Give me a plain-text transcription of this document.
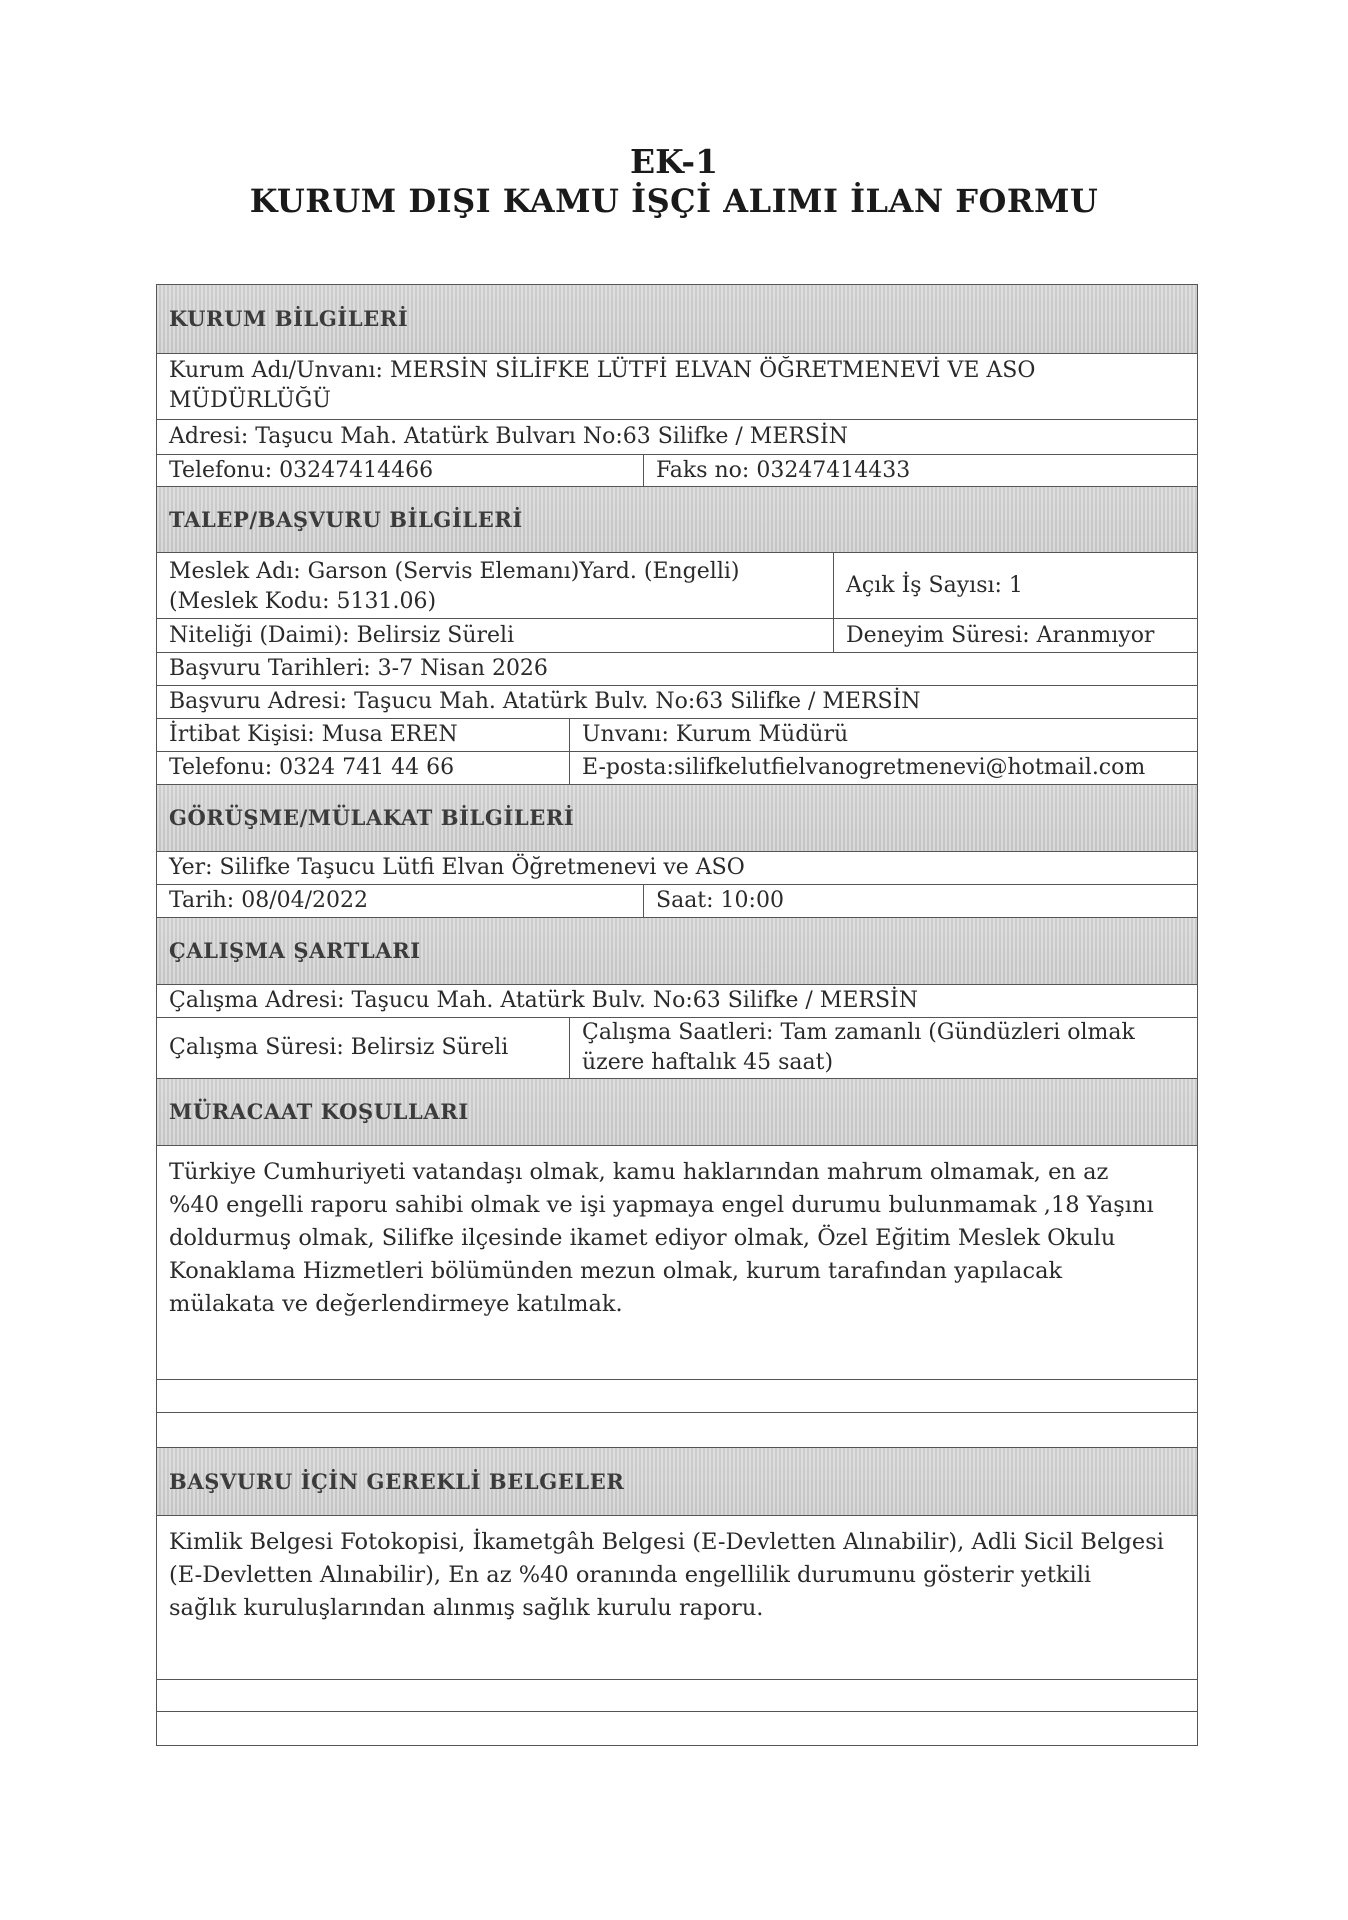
EK-1
KURUM DIŞI KAMU İŞÇİ ALIMI İLAN FORMU
KURUM BİLGİLERİ
Kurum Adı/Unvanı: MERSİN SİLİFKE LÜTFİ ELVAN ÖĞRETMENEVİ VE ASO
MÜDÜRLÜĞÜ
Adresi: Taşucu Mah. Atatürk Bulvarı No:63 Silifke / MERSİN
Telefonu: 03247414466	Faks no: 03247414433
TALEP/BAŞVURU BİLGİLERİ
Meslek Adı: Garson (Servis Elemanı)Yard. (Engelli)
(Meslek Kodu: 5131.06)
Açık İş Sayısı: 1
Niteliği (Daimi): Belirsiz Süreli	Deneyim Süresi: Aranmıyor
Başvuru Tarihleri: 3-7 Nisan 2026
Başvuru Adresi: Taşucu Mah. Atatürk Bulv. No:63 Silifke / MERSİN
İrtibat Kişisi: Musa EREN	Unvanı: Kurum Müdürü
Telefonu: 0324 741 44 66	E-posta:silifkelutfielvanogretmenevi@hotmail.com
GÖRÜŞME/MÜLAKAT BİLGİLERİ
Yer: Silifke Taşucu Lütfi Elvan Öğretmenevi ve ASO
Tarih: 08/04/2022	Saat: 10:00
ÇALIŞMA ŞARTLARI
Çalışma Adresi: Taşucu Mah. Atatürk Bulv. No:63 Silifke / MERSİN
Çalışma Süresi: Belirsiz Süreli
Çalışma Saatleri: Tam zamanlı (Gündüzleri olmak
üzere haftalık 45 saat)
MÜRACAAT KOŞULLARI
Türkiye Cumhuriyeti vatandaşı olmak, kamu haklarından mahrum olmamak, en az
%40 engelli raporu sahibi olmak ve işi yapmaya engel durumu bulunmamak ,18 Yaşını
doldurmuş olmak, Silifke ilçesinde ikamet ediyor olmak, Özel Eğitim Meslek Okulu
Konaklama Hizmetleri bölümünden mezun olmak, kurum tarafından yapılacak
mülakata ve değerlendirmeye katılmak.
BAŞVURU İÇİN GEREKLİ BELGELER
Kimlik Belgesi Fotokopisi, İkametgâh Belgesi (E-Devletten Alınabilir), Adli Sicil Belgesi
(E-Devletten Alınabilir), En az %40 oranında engellilik durumunu gösterir yetkili
sağlık kuruluşlarından alınmış sağlık kurulu raporu.
